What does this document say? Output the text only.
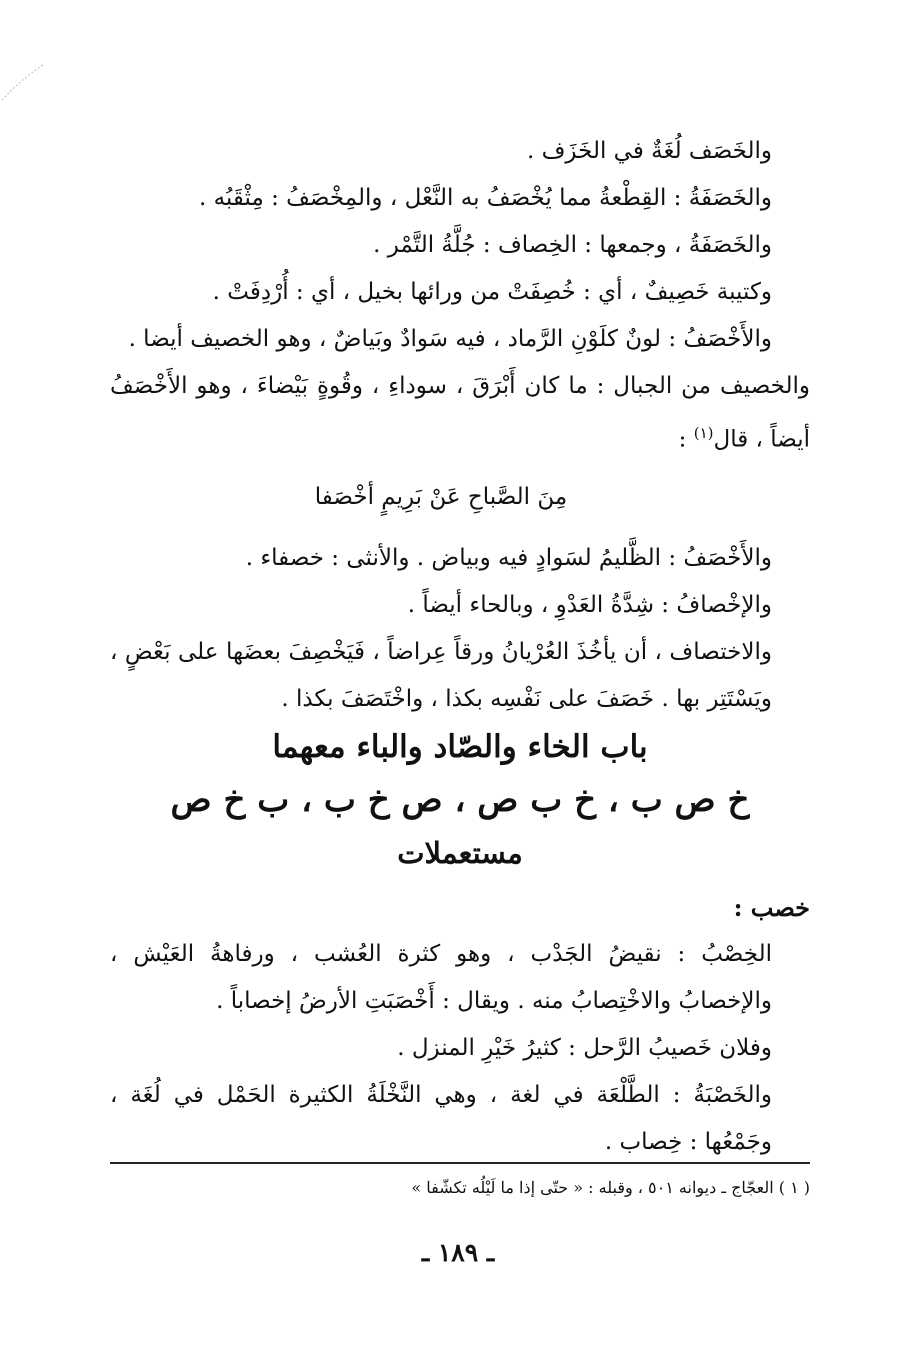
والخَصَف لُغَةٌ في الخَزَف .

والخَصَفَةُ : القِطْعةُ مما يُخْصَفُ به النَّعْل ، والمِخْصَفُ : مِثْقَبُه .

والخَصَفَةُ ، وجمعها : الخِصاف : جُلَّةُ التَّمْر .

وكتيبة خَصِيفٌ ، أي : خُصِفَتْ من ورائها بخيل ، أي : أُرْدِفَتْ .

والأَخْصَفُ : لونٌ كلَوْنِ الرَّماد ، فيه سَوادٌ وبَياضٌ ، وهو الخصيف أيضا .

والخصيف من الجبال : ما كان أَبْرَقَ ، سوداءِ ، وقُوةٍ بَيْضاءَ ، وهو الأَخْصَفُ أيضاً ، قال$^{(١)}$ :

مِنَ الصَّباحِ عَنْ بَرِيمٍ أخْصَفا

والأَخْصَفُ : الظَّليمُ لسَوادٍ فيه وبياض . والأنثى : خصفاء .

والإخْصافُ : شِدَّةُ العَدْوِ ، وبالحاء أيضاً .

والاختصاف ، أن يأخُذَ العُرْيانُ ورقاً عِراضاً ، فَيَخْصِفَ بعضَها على بَعْضٍ ، ويَسْتَتِر بها . خَصَفَ على نَفْسِه بكذا ، واخْتَصَفَ بكذا .

باب الخاء والصّاد والباء معهما

خ ص ب ، خ ب ص ، ص خ ب ، ب خ ص

مستعملات

خصب :

الخِصْبُ : نقيضُ الجَدْب ، وهو كثرة العُشب ، ورفاهةُ العَيْش ، والإخصابُ والاخْتِصابُ منه . ويقال : أَخْصَبَتِ الأرضُ إخصاباً .

وفلان خَصيبُ الرَّحل : كثيرُ خَيْرِ المنزل .

والخَصْبَةُ : الطَّلْعَة في لغة ، وهي النَّخْلَةُ الكثيرة الحَمْل في لُغَة ، وجَمْعُها : خِصاب .

( ١ ) العجّاج ـ ديوانه ٥٠١ ، وقبله : « حتّى إذا ما لَيْلُه تكشّفا »
ـ ١٨٩ ـ
